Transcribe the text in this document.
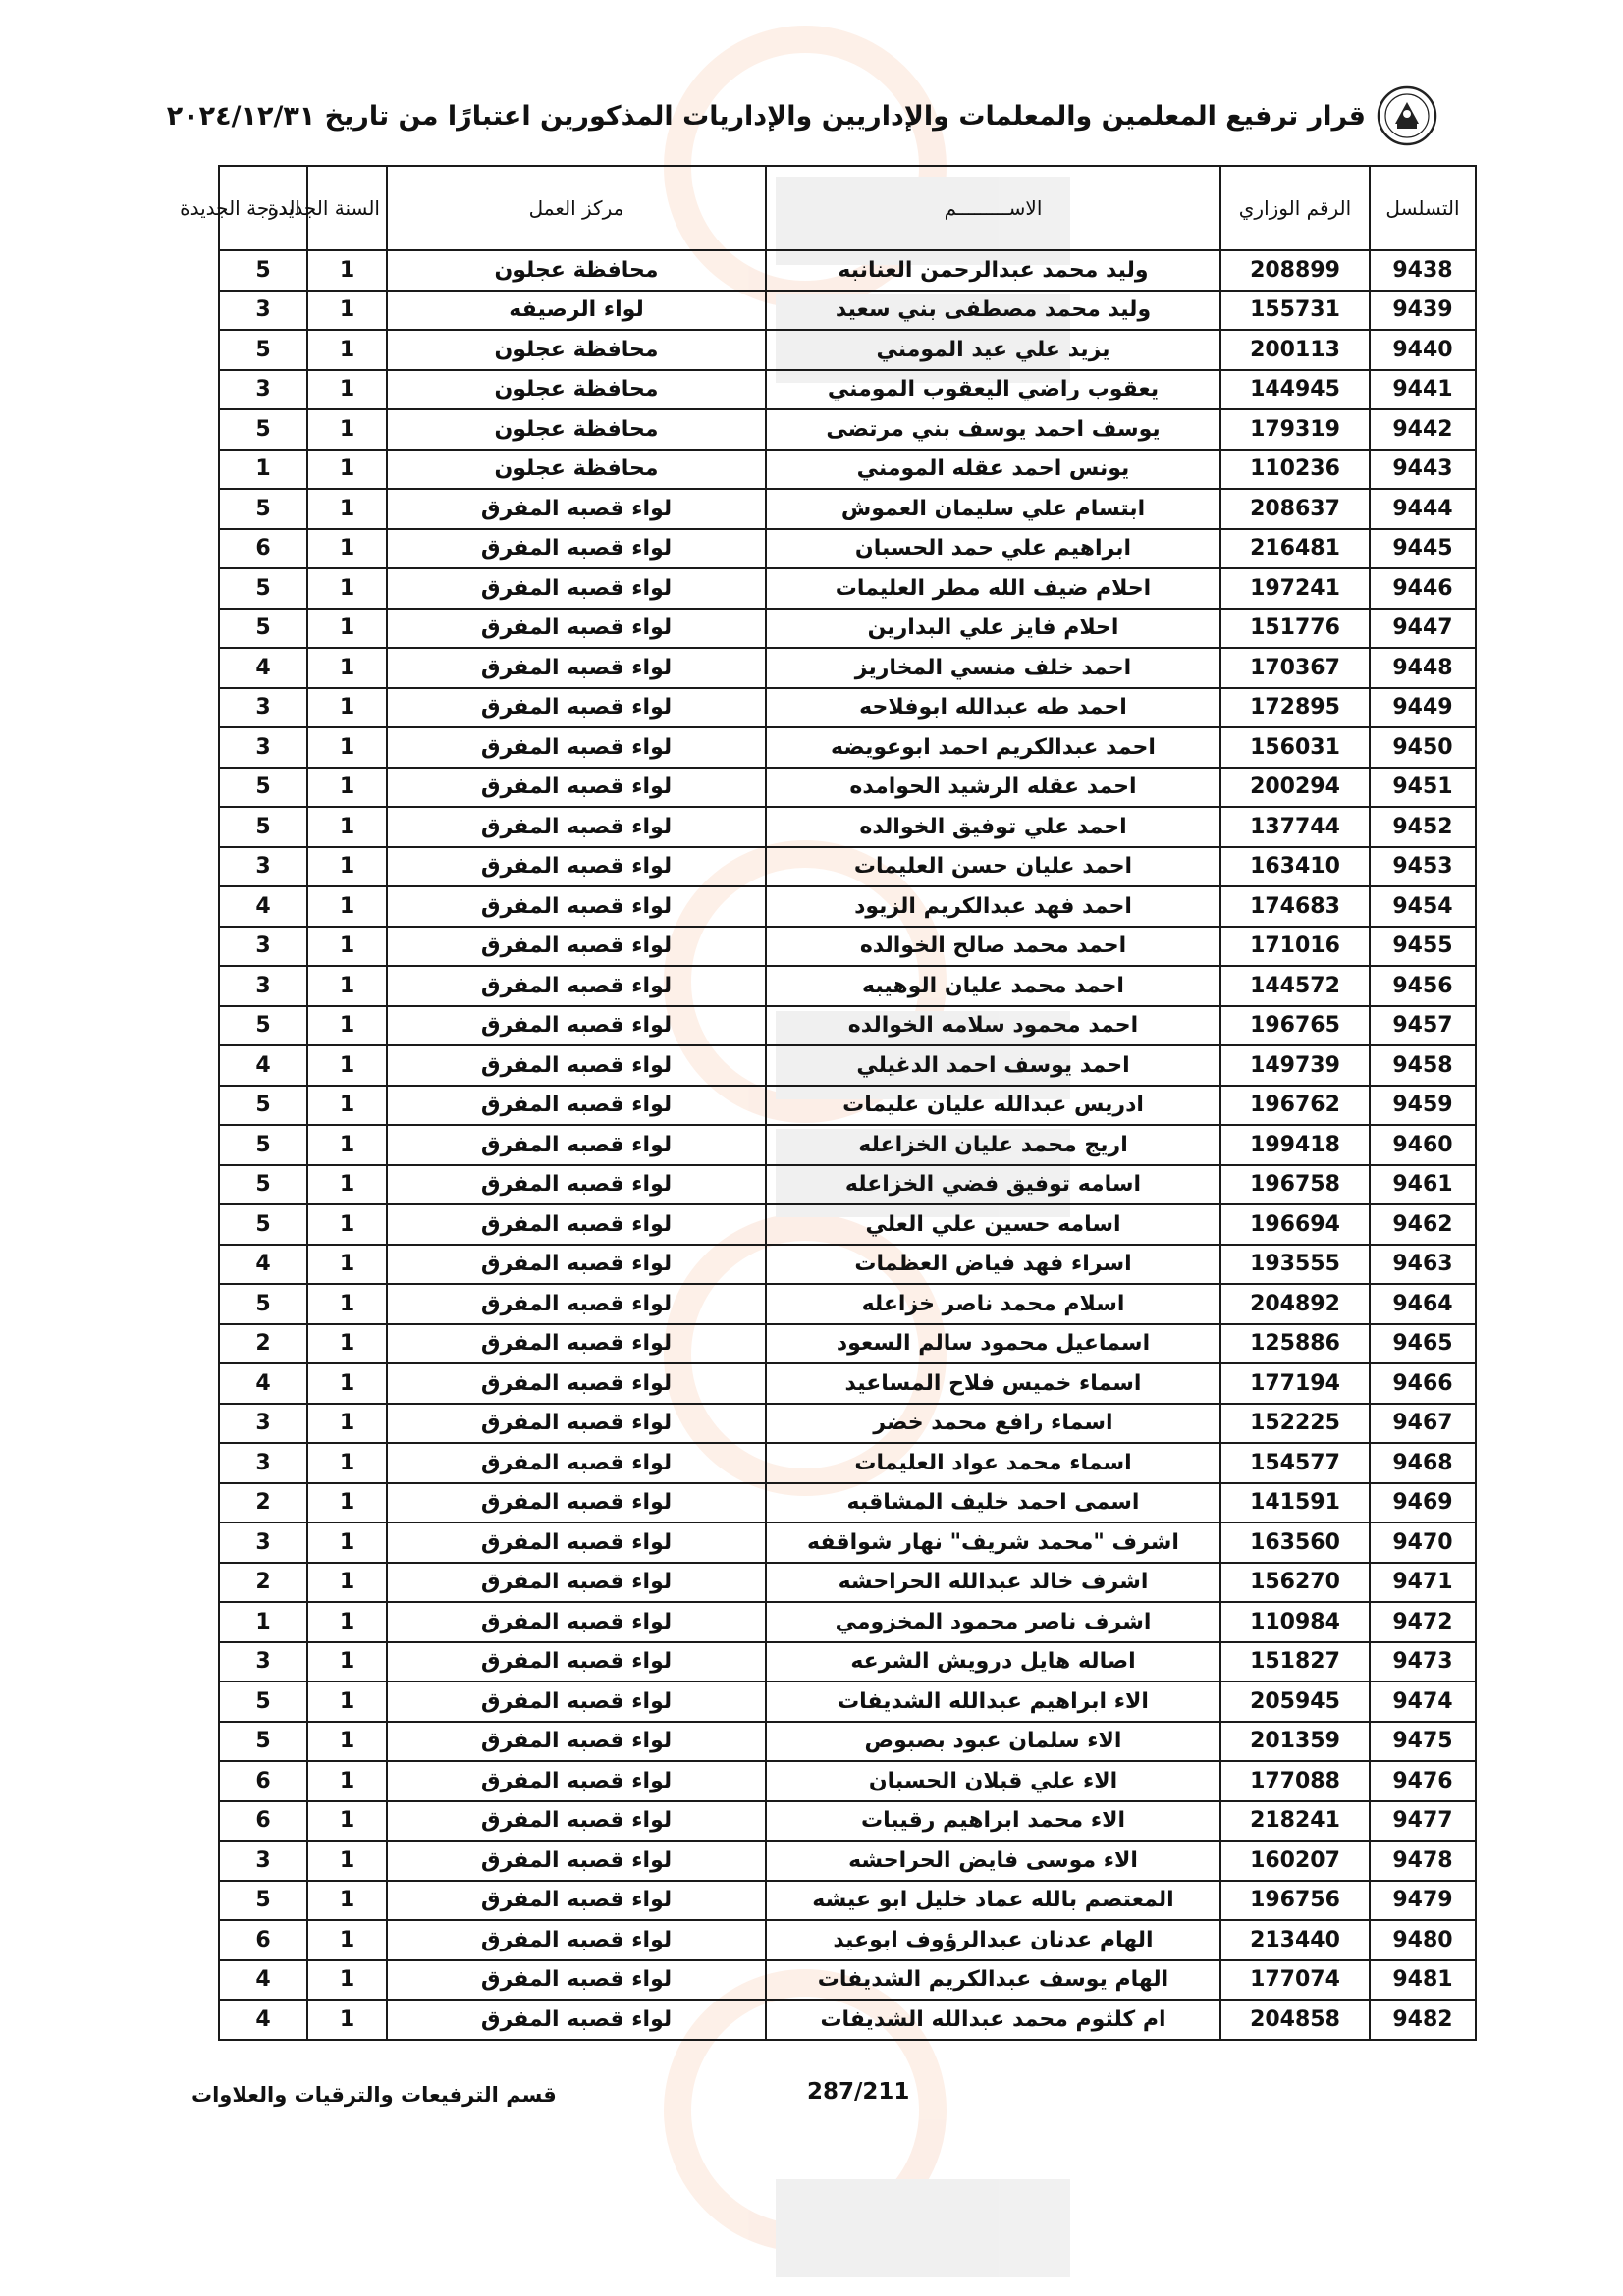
قرار ترفيع المعلمين والمعلمات والإداريين والإداريات المذكورين اعتبارًا من تاريخ ٢٠٢٤/١٢/٣١
التسلسل	الرقم الوزاري	الاســـــــــم	مركز العمل	السنة الجديدة	الدرجة الجديدة
9438	208899	وليد محمد عبدالرحمن العنانبه	محافظة عجلون	1	5
9439	155731	وليد محمد مصطفى بني سعيد	لواء الرصيفه	1	3
9440	200113	يزيد علي عيد المومني	محافظة عجلون	1	5
9441	144945	يعقوب راضي اليعقوب المومني	محافظة عجلون	1	3
9442	179319	يوسف احمد يوسف بني مرتضى	محافظة عجلون	1	5
9443	110236	يونس احمد عقله المومني	محافظة عجلون	1	1
9444	208637	ابتسام علي سليمان العموش	لواء قصبه المفرق	1	5
9445	216481	ابراهيم علي حمد الحسبان	لواء قصبه المفرق	1	6
9446	197241	احلام ضيف الله مطر العليمات	لواء قصبه المفرق	1	5
9447	151776	احلام فايز علي البدارين	لواء قصبه المفرق	1	5
9448	170367	احمد خلف منسي المخاريز	لواء قصبه المفرق	1	4
9449	172895	احمد طه عبدالله ابوفلاحه	لواء قصبه المفرق	1	3
9450	156031	احمد عبدالكريم احمد ابوعويضه	لواء قصبه المفرق	1	3
9451	200294	احمد عقله الرشيد الحوامده	لواء قصبه المفرق	1	5
9452	137744	احمد علي توفيق الخوالده	لواء قصبه المفرق	1	5
9453	163410	احمد عليان حسن العليمات	لواء قصبه المفرق	1	3
9454	174683	احمد فهد عبدالكريم الزيود	لواء قصبه المفرق	1	4
9455	171016	احمد محمد صالح الخوالده	لواء قصبه المفرق	1	3
9456	144572	احمد محمد عليان الوهيبه	لواء قصبه المفرق	1	3
9457	196765	احمد محمود سلامه الخوالده	لواء قصبه المفرق	1	5
9458	149739	احمد يوسف احمد الدغيلي	لواء قصبه المفرق	1	4
9459	196762	ادريس عبدالله عليان عليمات	لواء قصبه المفرق	1	5
9460	199418	اريج محمد عليان الخزاعله	لواء قصبه المفرق	1	5
9461	196758	اسامه توفيق فضي الخزاعله	لواء قصبه المفرق	1	5
9462	196694	اسامه حسين علي العلي	لواء قصبه المفرق	1	5
9463	193555	اسراء فهد فياض العظمات	لواء قصبه المفرق	1	4
9464	204892	اسلام محمد ناصر خزاعله	لواء قصبه المفرق	1	5
9465	125886	اسماعيل محمود سالم السعود	لواء قصبه المفرق	1	2
9466	177194	اسماء خميس فلاح المساعيد	لواء قصبه المفرق	1	4
9467	152225	اسماء رافع محمد خضر	لواء قصبه المفرق	1	3
9468	154577	اسماء محمد عواد العليمات	لواء قصبه المفرق	1	3
9469	141591	اسمى احمد خليف المشاقبه	لواء قصبه المفرق	1	2
9470	163560	اشرف "محمد شريف" نهار شواقفه	لواء قصبه المفرق	1	3
9471	156270	اشرف خالد عبدالله الحراحشه	لواء قصبه المفرق	1	2
9472	110984	اشرف ناصر محمود المخزومي	لواء قصبه المفرق	1	1
9473	151827	اصاله هايل درويش الشرعه	لواء قصبه المفرق	1	3
9474	205945	الاء ابراهيم عبدالله الشديفات	لواء قصبه المفرق	1	5
9475	201359	الاء سلمان عبود بصبوص	لواء قصبه المفرق	1	5
9476	177088	الاء علي قبلان الحسبان	لواء قصبه المفرق	1	6
9477	218241	الاء محمد ابراهيم رقيبات	لواء قصبه المفرق	1	6
9478	160207	الاء موسى فايض الحراحشه	لواء قصبه المفرق	1	3
9479	196756	المعتصم بالله عماد خليل ابو عيشه	لواء قصبه المفرق	1	5
9480	213440	الهام عدنان عبدالرؤوف ابوعيد	لواء قصبه المفرق	1	6
9481	177074	الهام يوسف عبدالكريم الشديفات	لواء قصبه المفرق	1	4
9482	204858	ام كلثوم محمد عبدالله الشديفات	لواء قصبه المفرق	1	4
قسم الترفيعات والترقيات والعلاوات	287/211
